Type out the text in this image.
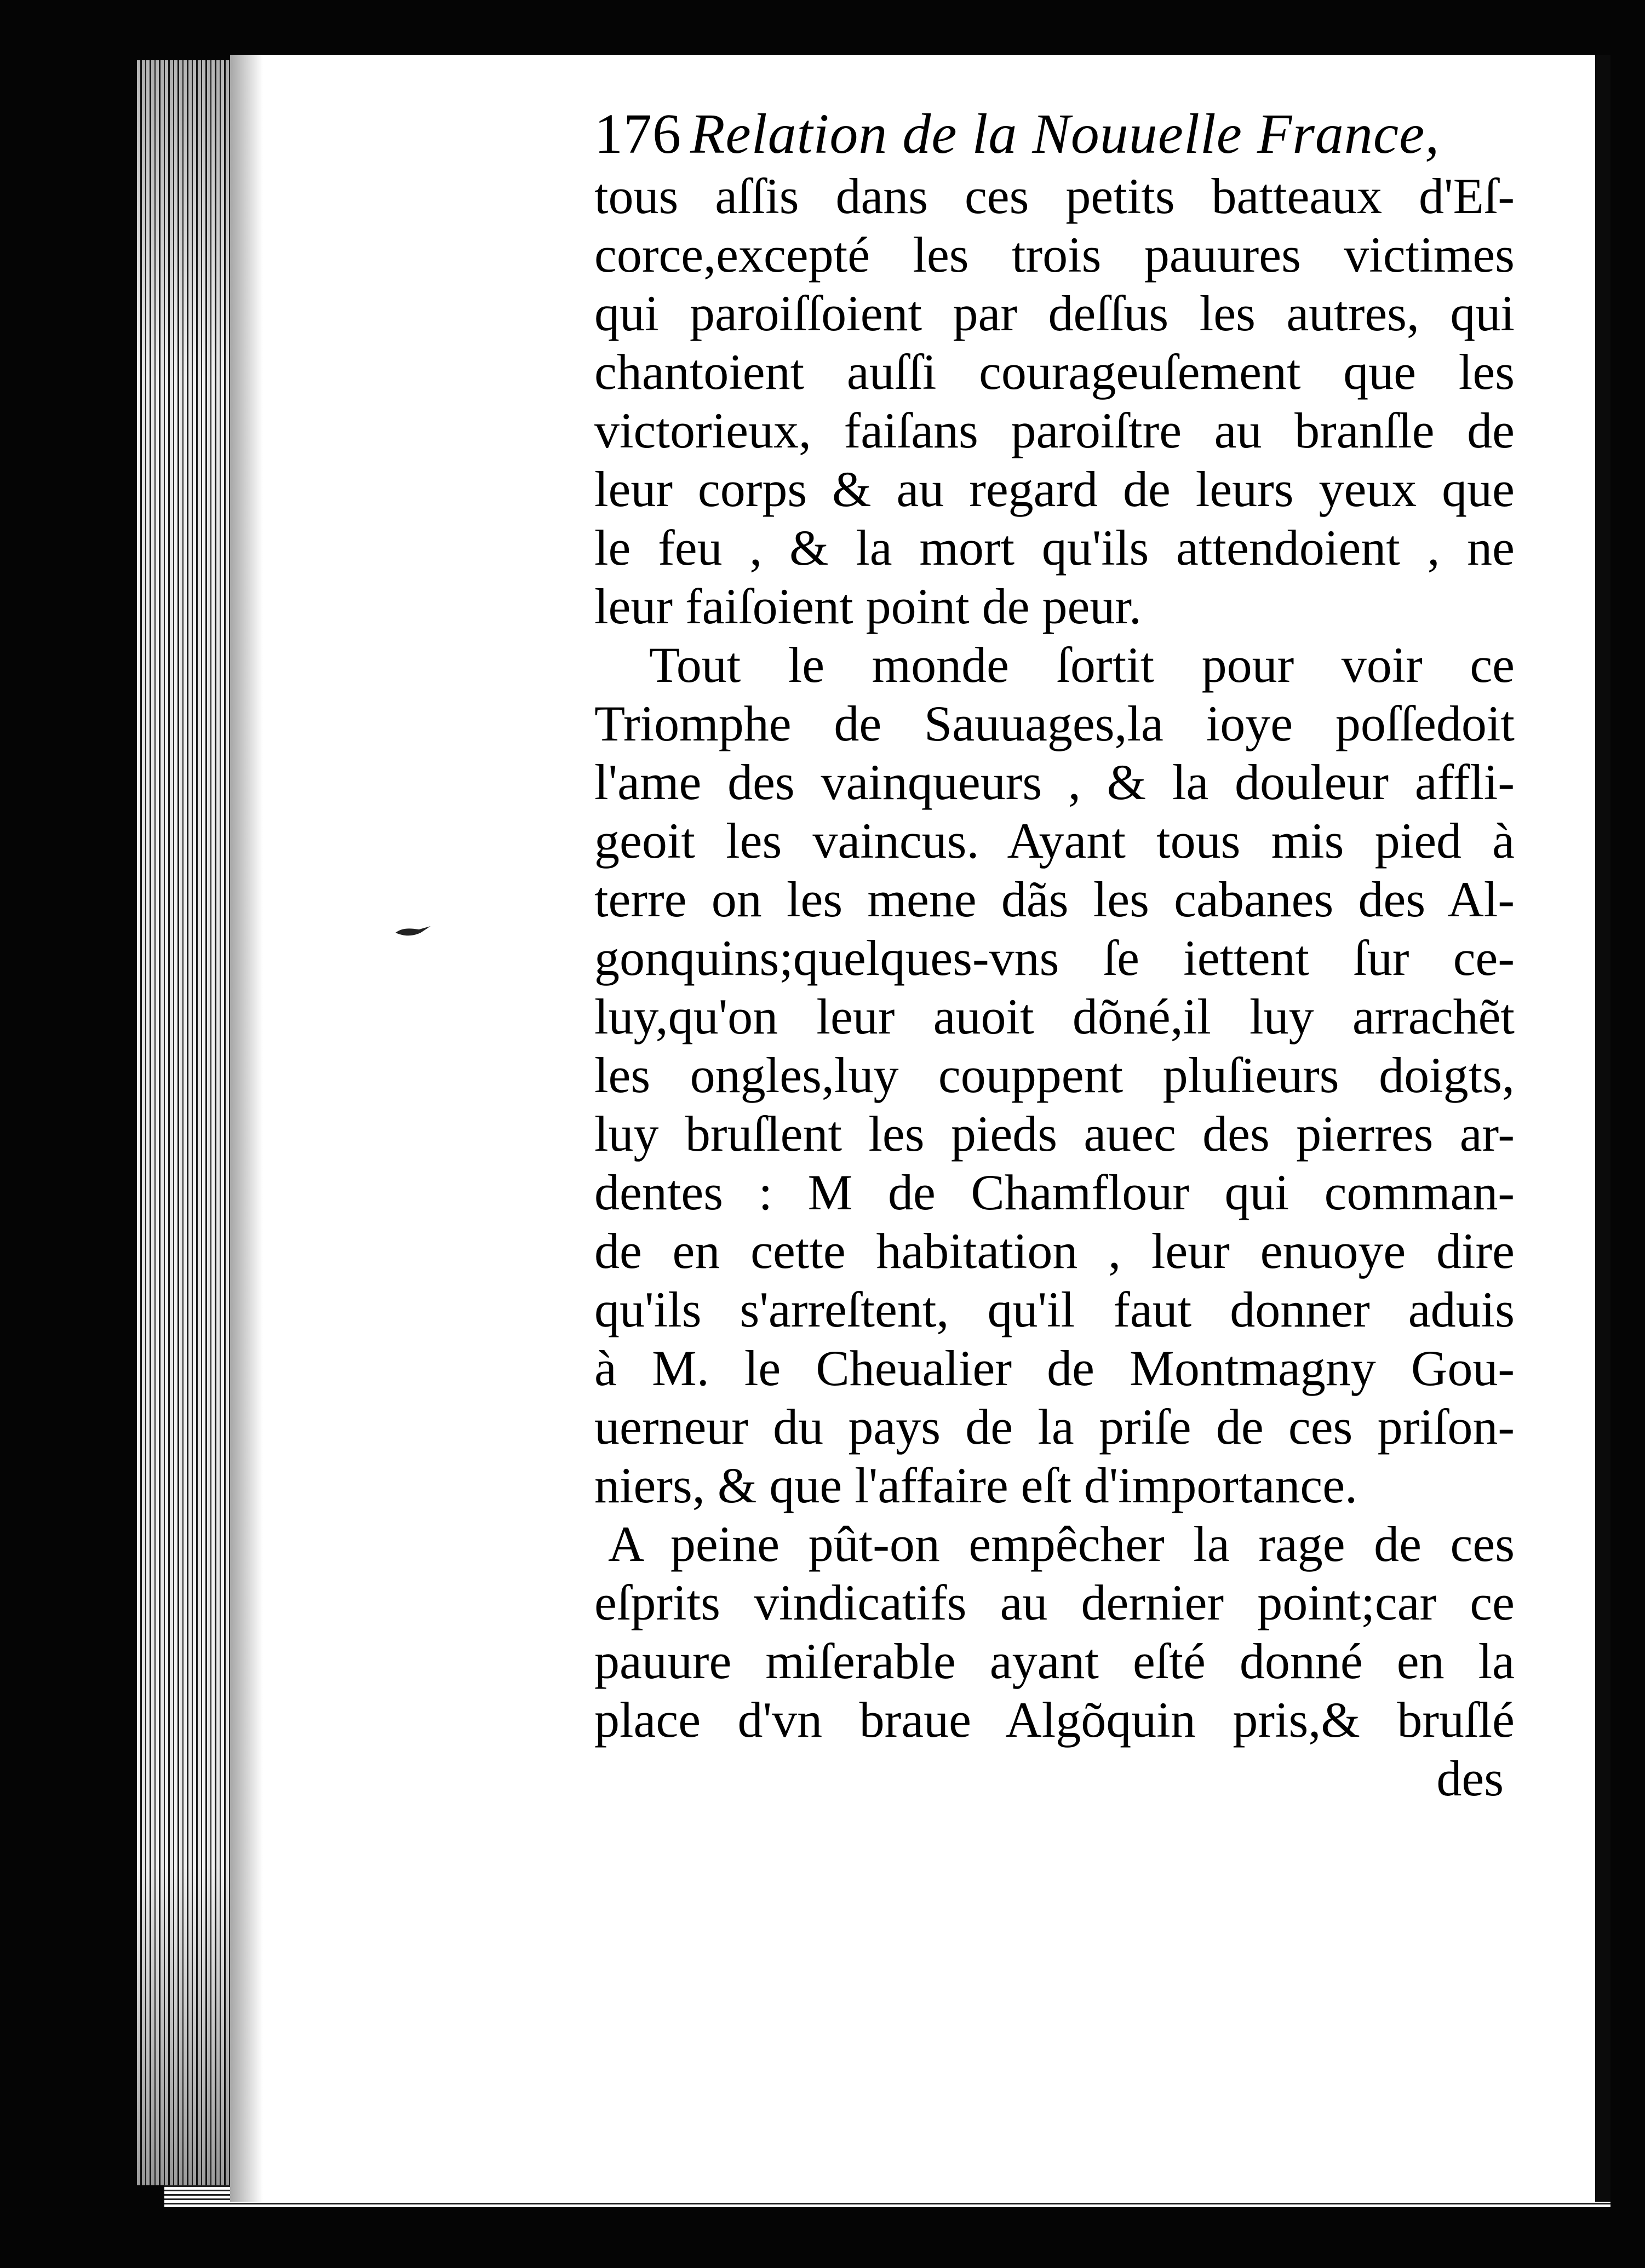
176 Relation de la Nouuelle France,
tous aſſis dans ces petits batteaux d'Eſ-
corce,excepté les trois pauures victimes
qui paroiſſoient par deſſus les autres, qui
chantoient auſſi courageuſement que les
victorieux, faiſans paroiſtre au branſle de
leur corps & au regard de leurs yeux que
le feu , & la mort qu'ils attendoient , ne
leur faiſoient point de peur.
Tout le monde ſortit pour voir ce
Triomphe de Sauuages,la ioye poſſedoit
l'ame des vainqueurs , & la douleur affli-
geoit les vaincus. Ayant tous mis pied à
terre on les mene dãs les cabanes des Al-
gonquins;quelques-vns ſe iettent ſur ce-
luy,qu'on leur auoit dõné,il luy arrachẽt
les ongles,luy couppent pluſieurs doigts,
luy bruſlent les pieds auec des pierres ar-
dentes : M de Chamflour qui comman-
de en cette habitation , leur enuoye dire
qu'ils s'arreſtent, qu'il faut donner aduis
à M. le Cheualier de Montmagny Gou-
uerneur du pays de la priſe de ces priſon-
niers, & que l'affaire eſt d'importance.
A peine pût-on empêcher la rage de ces
eſprits vindicatifs au dernier point;car ce
pauure miſerable ayant eſté donné en la
place d'vn braue Algõquin pris,& bruſlé
des
